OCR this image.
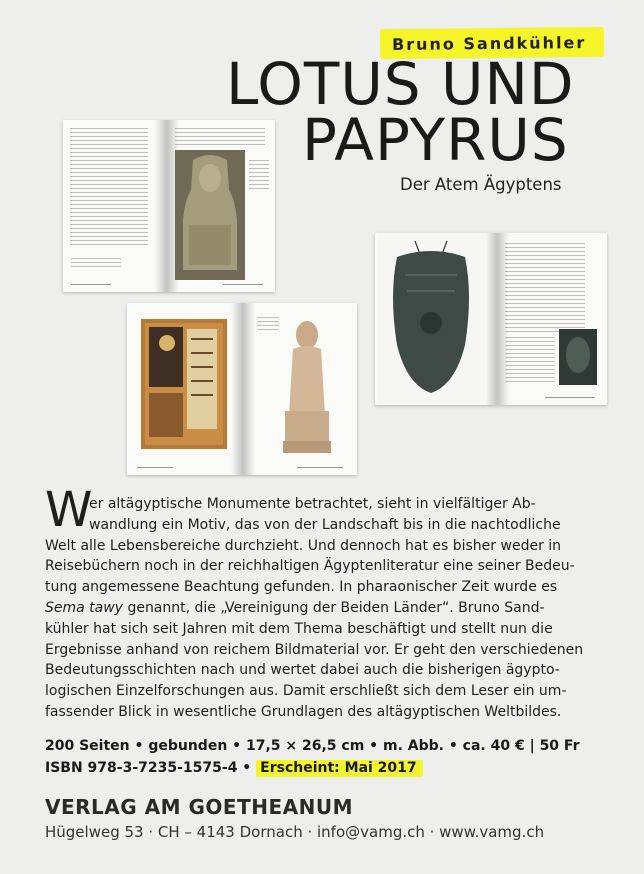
Bruno Sandkühler
LOTUS UND
PAPYRUS
Der Atem Ägyptens
W
er altägyptische Monumente betrachtet, sieht in vielfältiger Ab-
wandlung ein Motiv, das von der Landschaft bis in die nachtodliche
Welt alle Lebensbereiche durchzieht. Und dennoch hat es bisher weder in
Reisebüchern noch in der reichhaltigen Ägyptenliteratur eine seiner Bedeu-
tung angemessene Beachtung gefunden. In pharaonischer Zeit wurde es
Sema tawy genannt, die „Vereinigung der Beiden Länder“. Bruno Sand-
kühler hat sich seit Jahren mit dem Thema beschäftigt und stellt nun die
Ergebnisse anhand von reichem Bildmaterial vor. Er geht den verschiedenen
Bedeutungsschichten nach und wertet dabei auch die bisherigen ägypto-
logischen Einzelforschungen aus. Damit erschließt sich dem Leser ein um-
fassender Blick in wesentliche Grundlagen des altägyptischen Weltbildes.
200 Seiten • gebunden • 17,5 × 26,5 cm • m. Abb. • ca. 40 € | 50 Fr
ISBN 978-3-7235-1575-4 • Erscheint: Mai 2017
VERLAG AM GOETHEANUM
Hügelweg 53 · CH – 4143 Dornach · info@vamg.ch · www.vamg.ch
